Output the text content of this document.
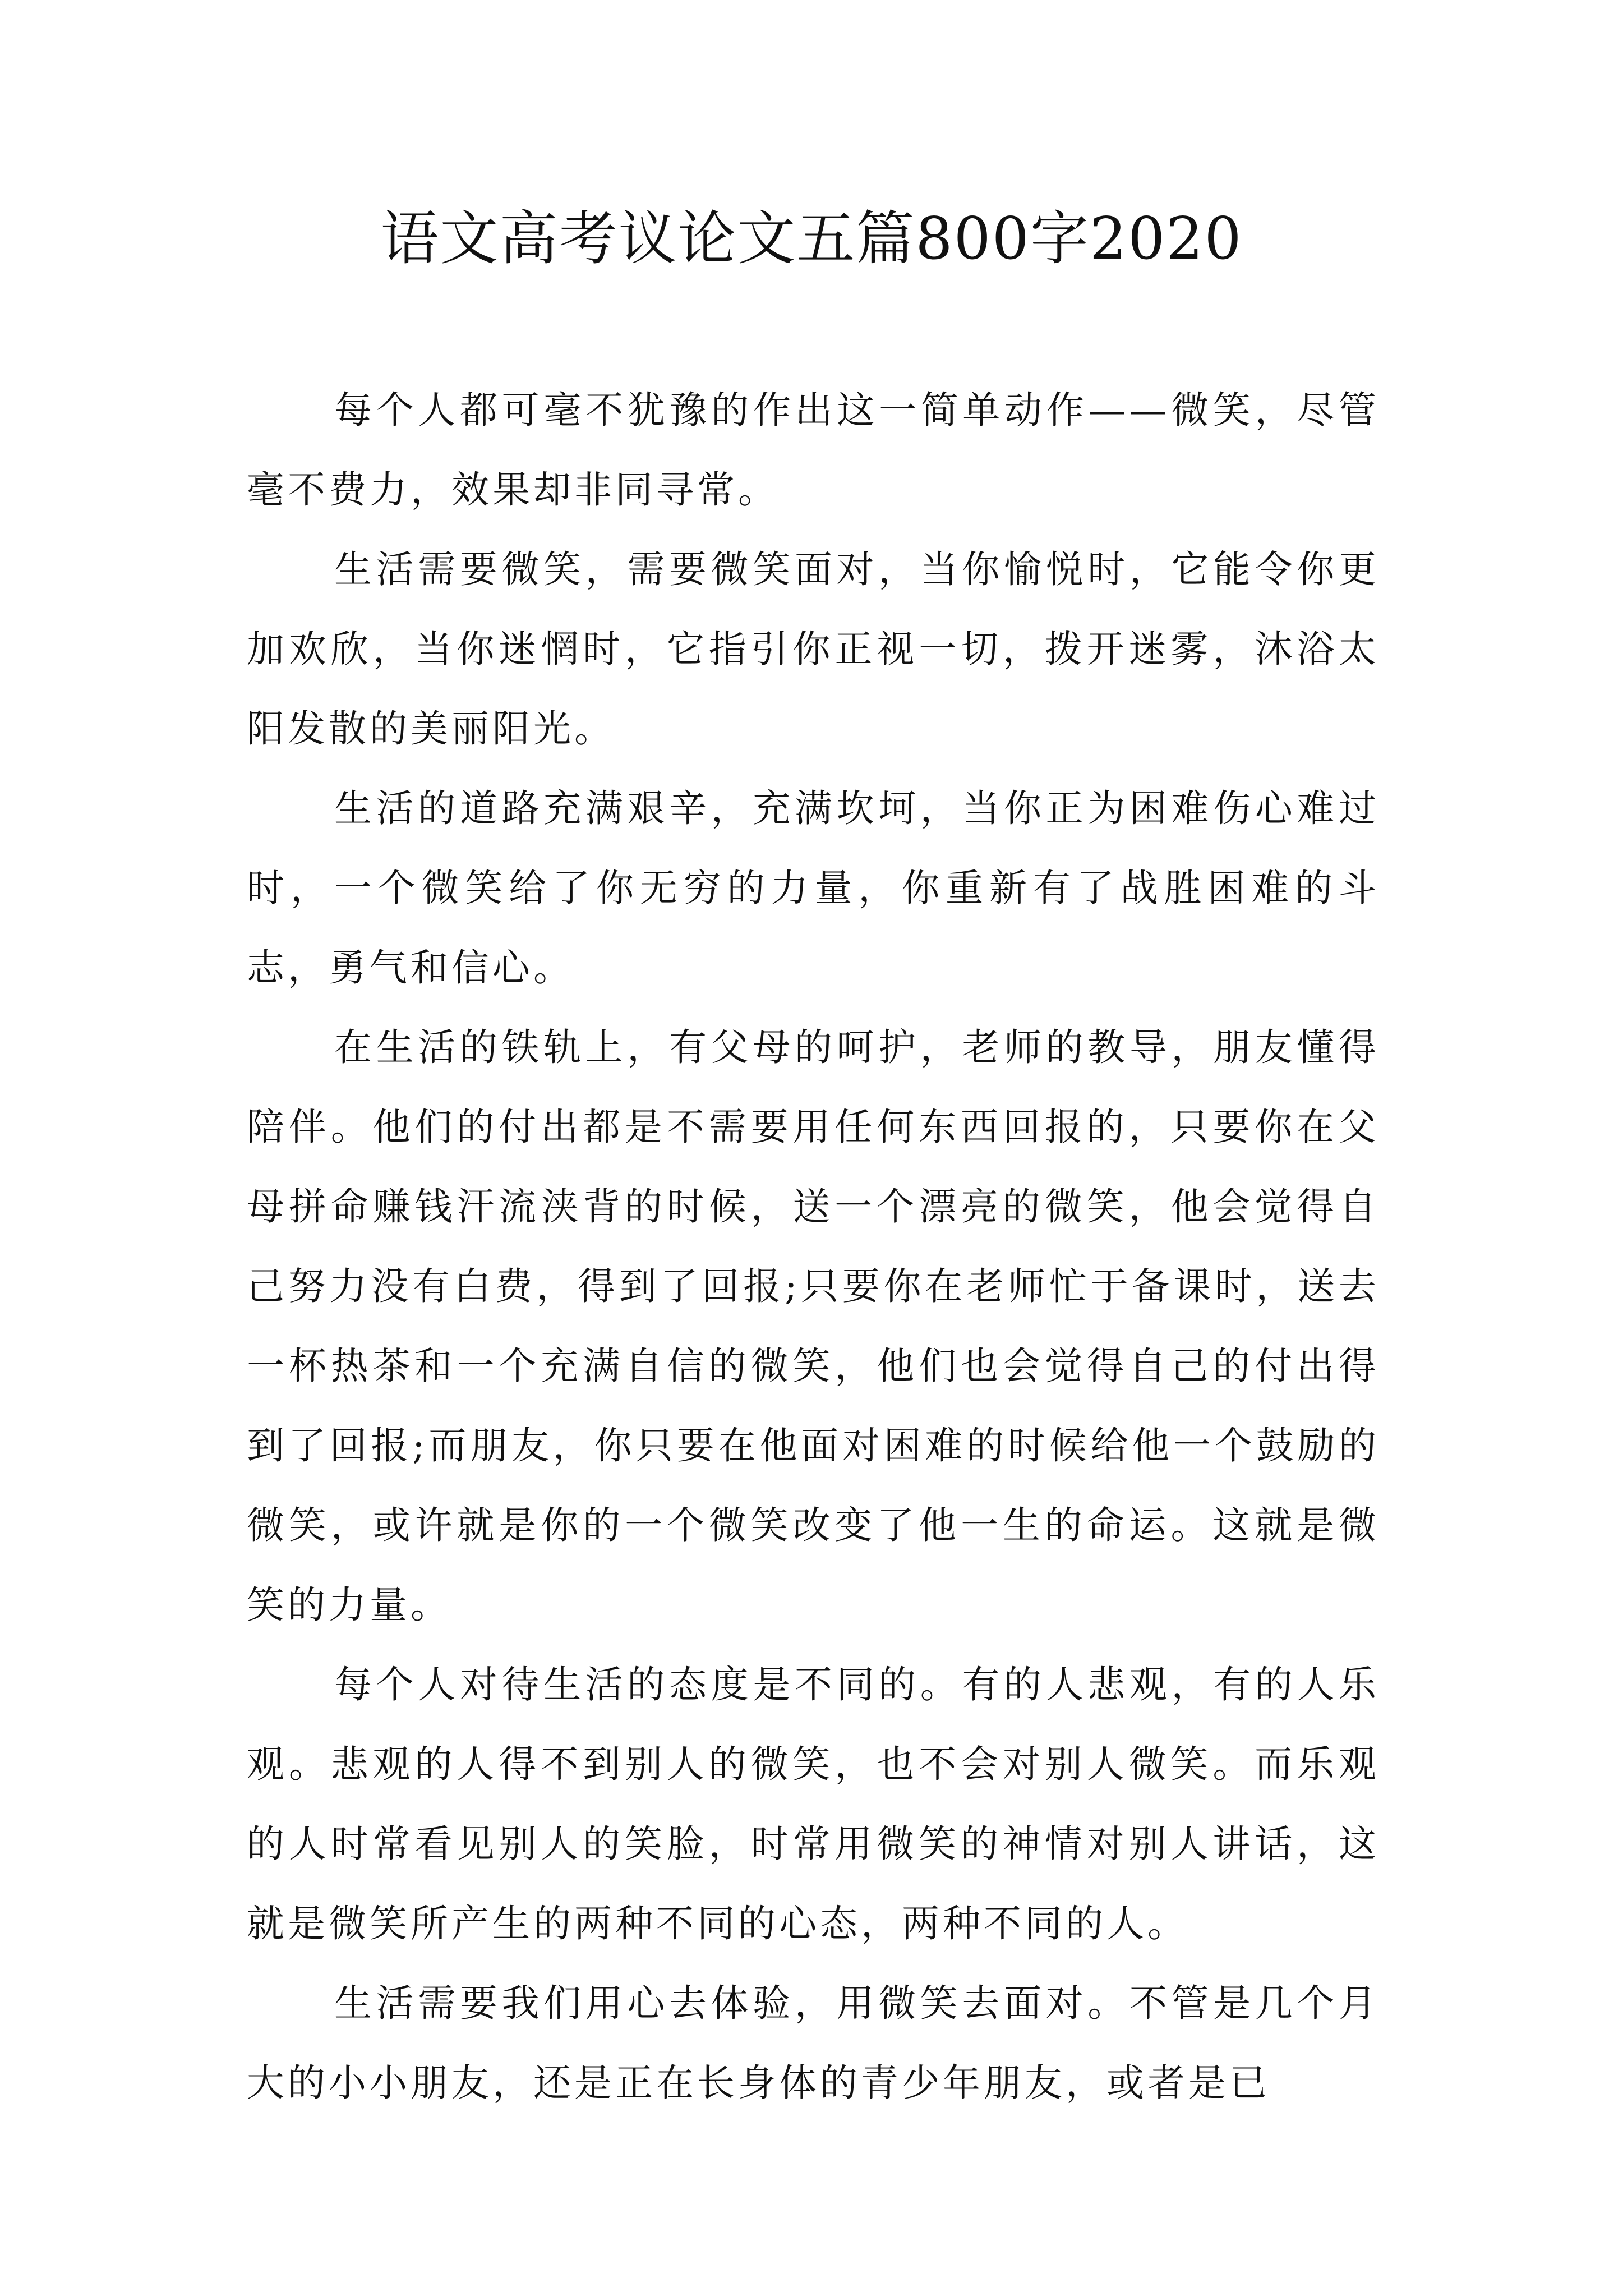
语文高考议论文五篇800字2020

每个人都可毫不犹豫的作出这一简单动作——微笑，尽管毫不费力，效果却非同寻常。

生活需要微笑，需要微笑面对，当你愉悦时，它能令你更加欢欣，当你迷惘时，它指引你正视一切，拨开迷雾，沐浴太阳发散的美丽阳光。

生活的道路充满艰辛，充满坎坷，当你正为困难伤心难过时，一个微笑给了你无穷的力量，你重新有了战胜困难的斗志，勇气和信心。

在生活的铁轨上，有父母的呵护，老师的教导，朋友懂得陪伴。他们的付出都是不需要用任何东西回报的，只要你在父母拼命赚钱汗流浃背的时候，送一个漂亮的微笑，他会觉得自己努力没有白费，得到了回报;只要你在老师忙于备课时，送去一杯热茶和一个充满自信的微笑，他们也会觉得自己的付出得到了回报;而朋友，你只要在他面对困难的时候给他一个鼓励的微笑，或许就是你的一个微笑改变了他一生的命运。这就是微笑的力量。

每个人对待生活的态度是不同的。有的人悲观，有的人乐观。悲观的人得不到别人的微笑，也不会对别人微笑。而乐观的人时常看见别人的笑脸，时常用微笑的神情对别人讲话，这就是微笑所产生的两种不同的心态，两种不同的人。

生活需要我们用心去体验，用微笑去面对。不管是几个月大的小小朋友，还是正在长身体的青少年朋友，或者是已
